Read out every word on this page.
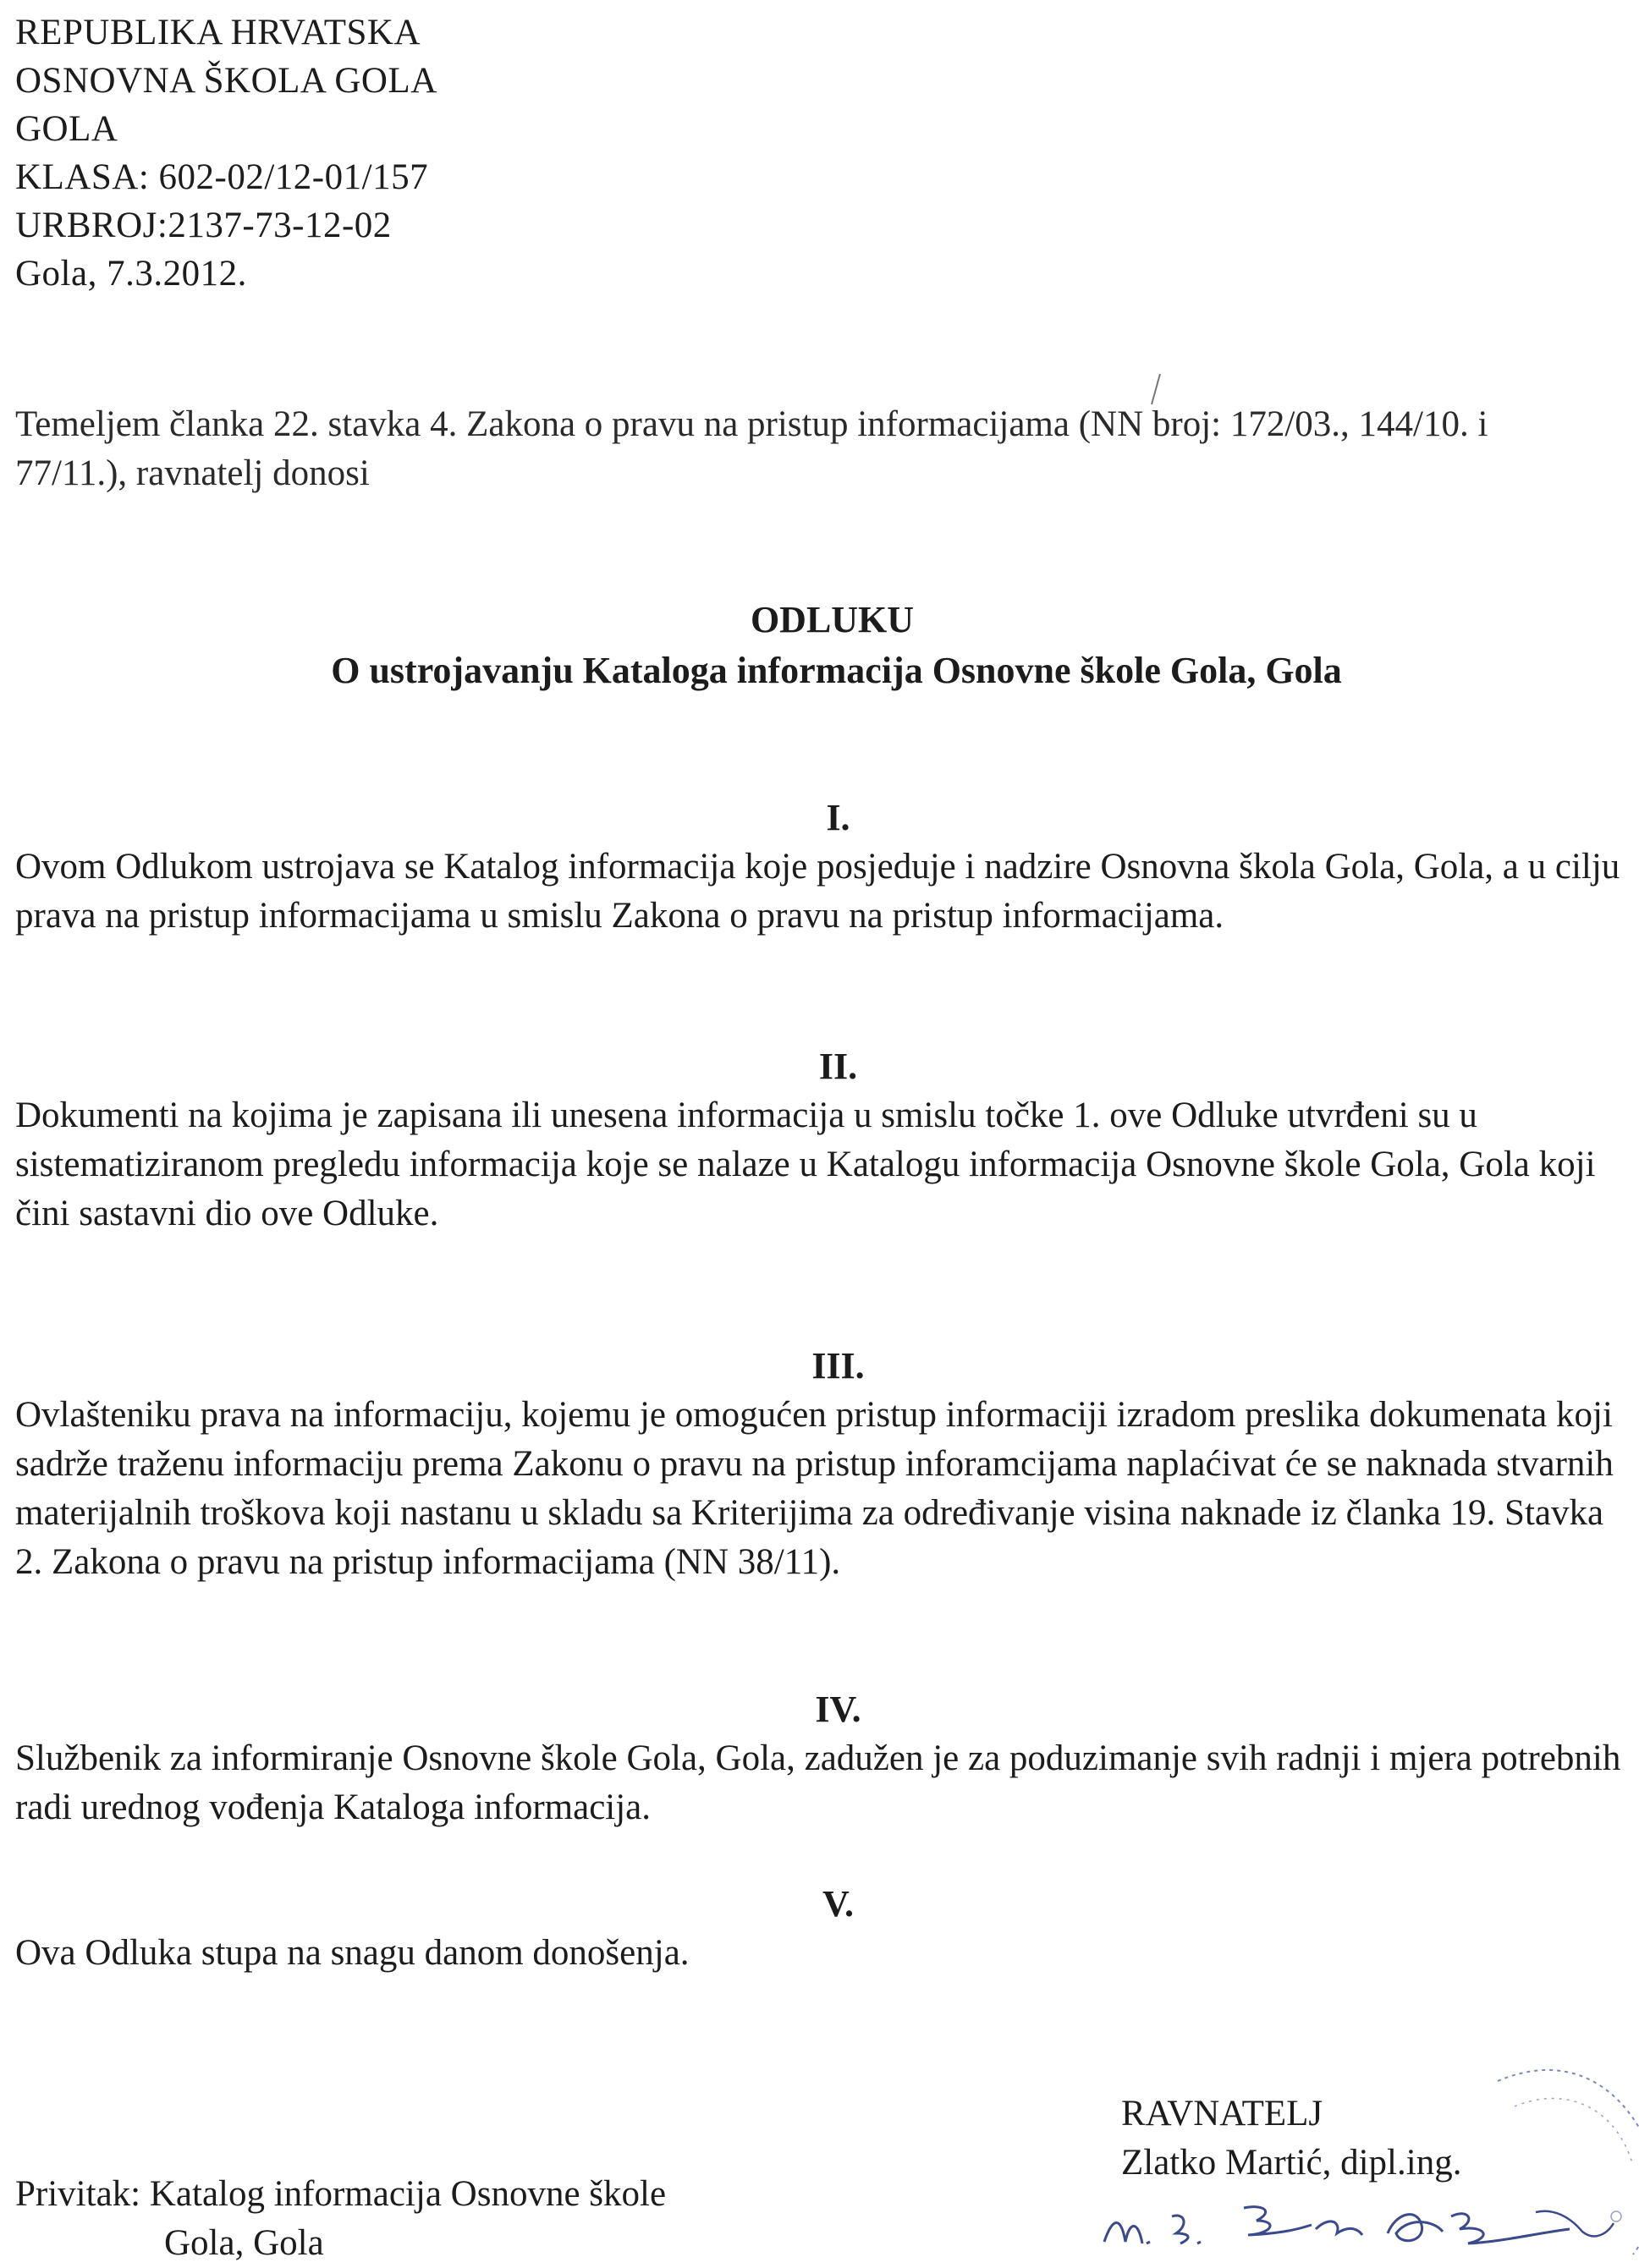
REPUBLIKA HRVATSKA
OSNOVNA ŠKOLA GOLA
GOLA
KLASA: 602-02/12-01/157
URBROJ:2137-73-12-02
Gola, 7.3.2012.
Temeljem članka 22. stavka 4. Zakona o pravu na pristup informacijama (NN broj: 172/03., 144/10. i 77/11.), ravnatelj donosi
ODLUKU
O ustrojavanju Kataloga informacija Osnovne škole Gola, Gola
I.
Ovom Odlukom ustrojava se Katalog informacija koje posjeduje i nadzire Osnovna škola Gola, Gola, a u cilju prava na pristup informacijama u smislu Zakona o pravu na pristup informacijama.
II.
Dokumenti na kojima je zapisana ili unesena informacija u smislu točke 1. ove Odluke utvrđeni su u sistematiziranom pregledu informacija koje se nalaze u Katalogu informacija Osnovne škole Gola, Gola koji čini sastavni dio ove Odluke.
III.
Ovlašteniku prava na informaciju, kojemu je omogućen pristup informaciji izradom preslika dokumenata koji sadrže traženu informaciju prema Zakonu o pravu na pristup inforamcijama naplaćivat će se naknada stvarnih materijalnih troškova koji nastanu u skladu sa Kriterijima za određivanje visina naknade iz članka 19. Stavka 2. Zakona o pravu na pristup informacijama (NN 38/11).
IV.
Službenik za informiranje Osnovne škole Gola, Gola, zadužen je za poduzimanje svih radnji i mjera potrebnih radi urednog vođenja Kataloga informacija.
V.
Ova Odluka stupa na snagu danom donošenja.
RAVNATELJ
Zlatko Martić, dipl.ing.
Privitak: Katalog informacija Osnovne škole
Gola, Gola
